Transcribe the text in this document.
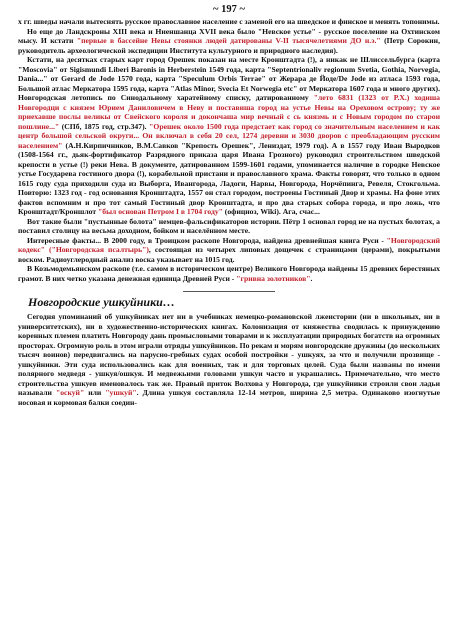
~ 197 ~

х гг. шведы начали вытеснять русское православное население с заменой его на шведское и финское и менять топонимы.

Но еще до Ландскроны XIII века и Ниеншанца XVII века было "Невское устье" - русское поселение на Охтинском мысу. И кстати "первые в бассейне Невы стоянки людей датированы V-II тысячелетиями ДО н.э." (Петр Сорокин, руководитель археологической экспедиции Института культурного и природного наследия).

Кстати, на десятках старых карт город Орешек показан на месте Кронштадта (!), а никак не Шлиссельбурга (карта "Moscovia" от Sigismundi Liberi Baronis in Herberstein 1549 года, карта "Septentrionaliv regionum Svetia, Gothia, Norvegia, Dania..." от Gerard de Jode 1570 года, карта "Speculum Orbis Terrae" от Жерара де Йоде/De Jode из атласа 1593 года, Большой атлас Меркатора 1595 года, карта "Atlas Minor, Svecia Et Norwegia etc" от Меркатора 1607 года и много других). Новгородская летопись по Синодальному харатейному списку, датированному "лето 6831 (1323 от Р.Х.) ходиша Новгородци с князем Юрием Даниловичем в Неву и поставиша город на устье Невы на Ореховом острову; ту же приехавше послы великы от Свейского короля и докончаша мир вечный с сь князмь и с Новым городом по старои пошлине..." (СПб, 1875 год, стр.347). "Орешек около 1500 года предстает как город со значительным населением и как центр большой сельской округи... Он включал в себя 20 сел, 1274 деревни и 3030 дворов с преобладающим русским населением" (А.Н.Кирпичников, В.М.Савков "Крепость Орешек", Лениздат, 1979 год). А в 1557 году Иван Выродков (1508-1564 гг., дьяк-фортификатор Разрядного приказа царя Ивана Грозного) руководил строительством шведской крепости в устье (!) реки Нева. В документе, датированном 1599-1601 годами, упоминается наличие в городке Невское устье Государева гостиного двора (!), корабельной пристани и православного храма. Факты говорят, что только в одном 1615 году суда приходили суда из Выборга, Ивангорода, Ладоги, Нарвы, Новгорода, Норчёпинга, Ревеля, Стокгольма. Повторю: 1323 год - год основания Кронштадта, 1557 он стал городом, построены Гостиный Двор и храмы. На фоне этих фактов вспомним и про тот самый Гостиный двор Кронштадта, и про два старых собора города, и про ложь, что Кронштадт/Кроншлот "был основан Петром I в 1704 году" (официоз, Wiki). Ага, счас...

Вот такие были "пустынные болота" немцев-фальсификаторов истории. Пётр 1 основал город не на пустых болотах, а поставил столицу на весьма доходном, бойком и населённом месте.

Интересные факты... В 2000 году, в Троицком раскопе Новгорода, найдена древнейшая книга Руси - "Новгородский кодекс" ("Новгородская псалтырь"), состоящая из четырех липовых дощечек с страницами (церами), покрытыми воском. Радиоуглеродный анализ воска указывает на 1015 год.

В Козьмодемьянском раскопе (т.е. самом в историческом центре) Великого Новгорода найдены 15 древних берестяных грамот. В них четко указана денежная единица Древней Руси - "гривна золотников".

Новгородские ушкуйники…

Сегодня упоминаний об ушкуйниках нет ни в учебниках немецко-романовской лжеистории (ни в школьных, ни в университетских), ни в художественно-исторических книгах. Колонизация от княжества сводилась к принуждению коренных племен платить Новгороду дань промысловыми товарами и к эксплуатации природных богатств на огромных просторах. Огромную роль в этом играли отряды ушкуйников. По рекам и морям новгородские дружины (до нескольких тысяч воинов) передвигались на парусно-гребных судах особой постройки - ушкуях, за что и получили прозвище - ушкуйники. Эти суда использовались как для военных, так и для торговых целей. Суда были названы по имени полярного медведя - ушкуя/ошкуя. И медвежьими головами ушкуи часто и украшались. Примечательно, что место строительства ушкуев именовалось так же. Правый приток Волхова у Новгорода, где ушкуйники строили свои ладьи называли "оскуй" или "ушкуй". Длина ушкуя составляла 12-14 метров, ширина 2,5 метра. Одинаково изогнутые носовая и кормовая балки соедин-
